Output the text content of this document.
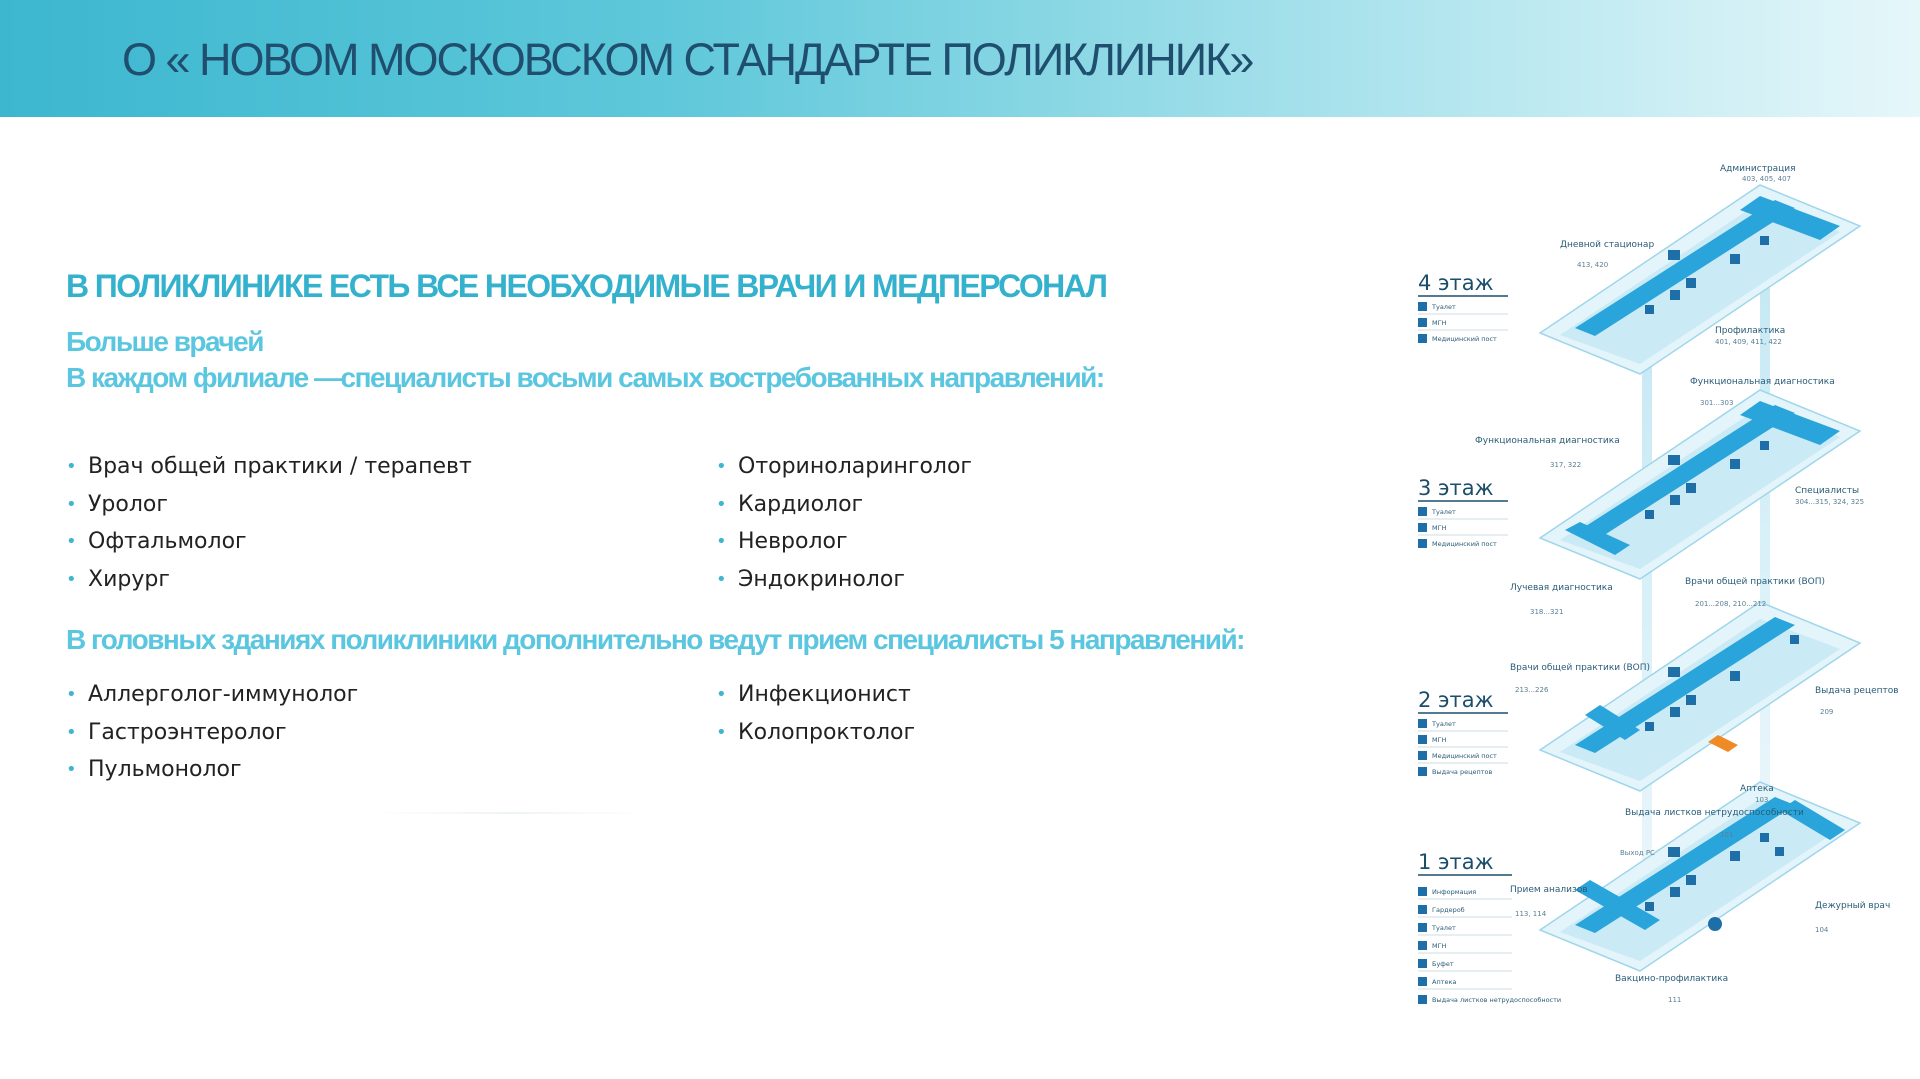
О « НОВОМ МОСКОВСКОМ СТАНДАРТЕ ПОЛИКЛИНИК»
В ПОЛИКЛИНИКЕ ЕСТЬ ВСЕ НЕОБХОДИМЫЕ ВРАЧИ И МЕДПЕРСОНАЛ
Больше врачей
В каждом филиале —специалисты восьми самых востребованных направлений:
• Врач общей практики / терапевт
• Уролог
• Офтальмолог
• Хирург
• Оториноларинголог
• Кардиолог
• Невролог
• Эндокринолог
В головных зданиях поликлиники дополнительно ведут прием специалисты 5 направлений:
• Аллерголог-иммунолог
• Гастроэнтеролог
• Пульмонолог
• Инфекционист
• Колопроктолог
Администрация
403, 405, 407
Дневной стационар
413, 420
Профилактика
401, 409, 411, 422
4 этаж
Туалет
МГН
Медицинский пост
Функциональная диагностика
301...303
Функциональная диагностика
317, 322
Специалисты
304...315, 324, 325
Лучевая диагностика
318...321
3 этаж
Туалет
МГН
Медицинский пост
Врачи общей практики (ВОП)
201...208, 210...212
Врачи общей практики (ВОП)
213...226	Выдача рецептов
209
2 этаж
Туалет
МГН
Медицинский пост
Выдача рецептов
Аптека
103
Выдача листков нетрудоспособности
101
Выход РС
Прием анализов
113, 114
Дежурный врач
104
Вакцино-профилактика
111
1 этаж
Информация
Гардероб
Туалет
МГН
Буфет
Аптека
Выдача листков нетрудоспособности
